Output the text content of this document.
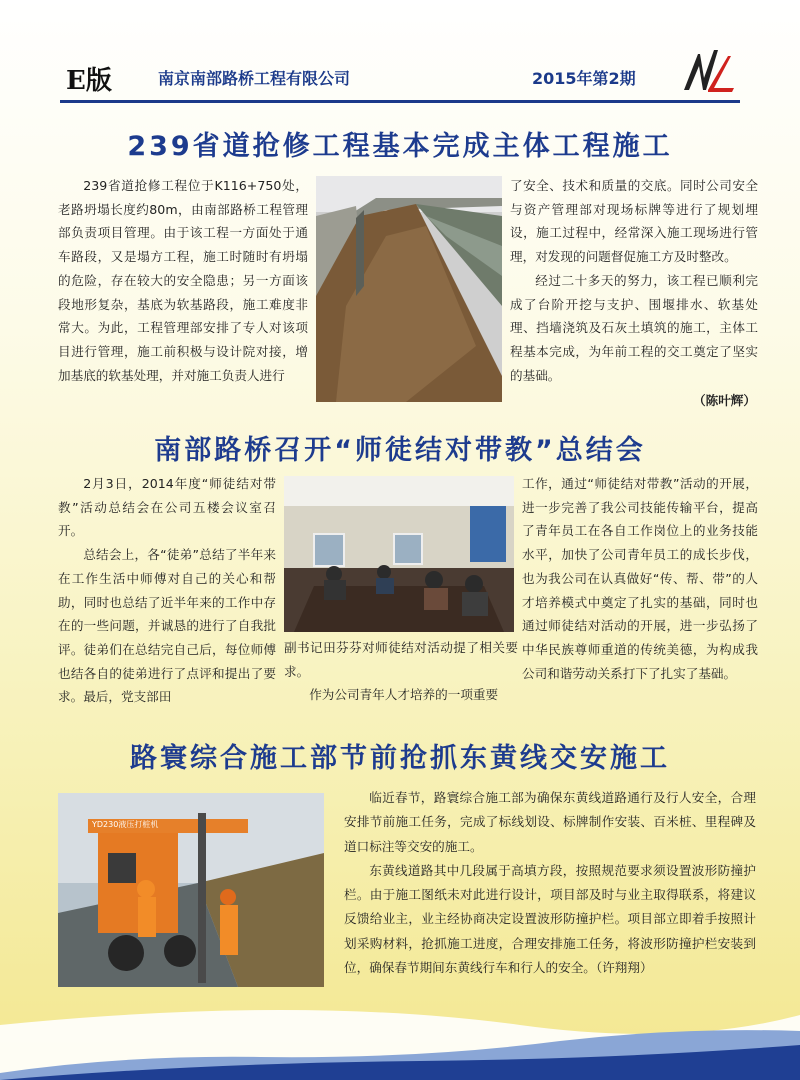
E版	南京南部路桥工程有限公司	2015年第2期
239省道抢修工程基本完成主体工程施工

239省道抢修工程位于K116+750处，老路坍塌长度约80m，由南部路桥工程管理部负责项目管理。由于该工程一方面处于通车路段，又是塌方工程，施工时随时有坍塌的危险，存在较大的安全隐患；另一方面该段地形复杂，基底为软基路段，施工难度非常大。为此，工程管理部安排了专人对该项目进行管理，施工前积极与设计院对接，增加基底的软基处理，并对施工负责人进行

了安全、技术和质量的交底。同时公司安全与资产管理部对现场标牌等进行了规划埋设，施工过程中，经常深入施工现场进行管理，对发现的问题督促施工方及时整改。

经过二十多天的努力，该工程已顺利完成了台阶开挖与支护、围堰排水、软基处理、挡墙浇筑及石灰土填筑的施工，主体工程基本完成，为年前工程的交工奠定了坚实的基础。

（陈叶辉）
南部路桥召开“师徒结对带教”总结会

2月3日，2014年度“师徒结对带教”活动总结会在公司五楼会议室召开。

总结会上，各“徒弟”总结了半年来在工作生活中师傅对自己的关心和帮助，同时也总结了近半年来的工作中存在的一些问题，并诚恳的进行了自我批评。徒弟们在总结完自己后，每位师傅也结各自的徒弟进行了点评和提出了要求。最后，党支部田

副书记田芬芬对师徒结对活动提了相关要求。

作为公司青年人才培养的一项重要

工作，通过“师徒结对带教”活动的开展，进一步完善了我公司技能传输平台，提高了青年员工在各自工作岗位上的业务技能水平，加快了公司青年员工的成长步伐，也为我公司在认真做好“传、帮、带”的人才培养模式中奠定了扎实的基础，同时也通过师徒结对活动的开展，进一步弘扬了中华民族尊师重道的传统美德，为构成我公司和谐劳动关系打下了扎实了基础。

路寰综合施工部节前抢抓东黄线交安施工
YD230液压打桩机

临近春节，路寰综合施工部为确保东黄线道路通行及行人安全，合理安排节前施工任务，完成了标线划设、标牌制作安装、百米桩、里程碑及道口标注等交安的施工。

东黄线道路其中几段属于高填方段，按照规范要求须设置波形防撞护栏。由于施工图纸未对此进行设计，项目部及时与业主取得联系，将建议反馈给业主，业主经协商决定设置波形防撞护栏。项目部立即着手按照计划采购材料，抢抓施工进度，合理安排施工任务，将波形防撞护栏安装到位，确保春节期间东黄线行车和行人的安全。（许翔翔）
